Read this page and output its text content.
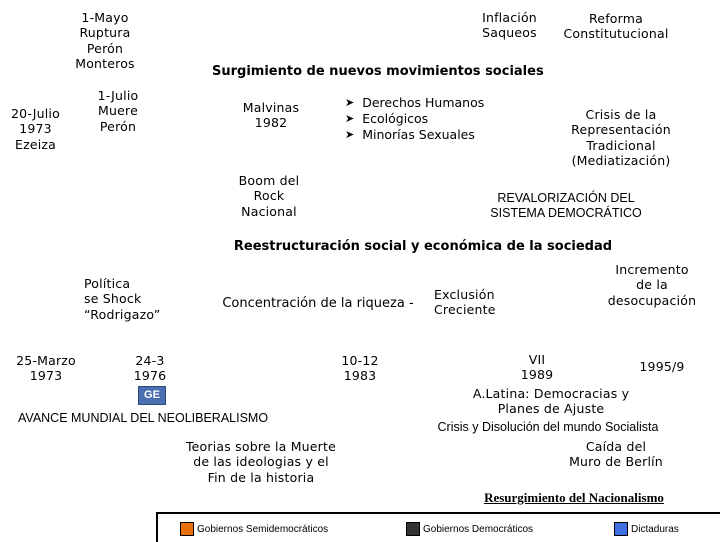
1-Mayo
Ruptura
Perón
Monteros
20-Julio
1973
Ezeiza
1-Julio
Muere
Perón
Inflación
Saqueos
Reforma
Constitutucional
Surgimiento de nuevos movimientos sociales
Malvinas
1982
➤ Derechos Humanos
➤ Ecológicos
➤ Minorías Sexuales
Crisis de la
Representación
Tradicional
(Mediatización)
Boom del
Rock
Nacional
REVALORIZACIÓN DEL
SISTEMA DEMOCRÁTICO
Reestructuración social y económica de la sociedad
Política
se Shock
“Rodrigazo”
Concentración de la riqueza -
Exclusión
Creciente
Incremento
de la
desocupación
25-Marzo
1973
24-3
1976
GE
10-12
1983
VII
1989
1995/9
AVANCE MUNDIAL DEL NEOLIBERALISMO
Teorias sobre la Muerte
de las ideologias y el
Fin de la historia
A.Latina: Democracias y
Planes de Ajuste
Crisis y Disolución del mundo Socialista
Caída del
Muro de Berlín
Resurgimiento del Nacionalismo
Gobiernos Semidemocráticos	Gobiernos Democráticos	Dictaduras
